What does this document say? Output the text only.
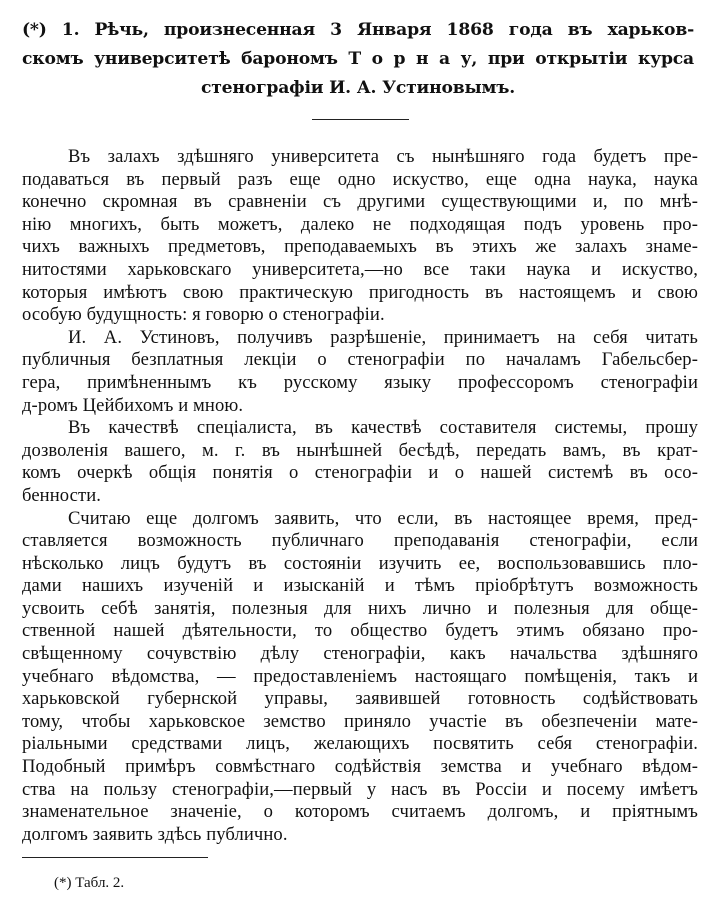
(*) 1. Рѣчь, произнесенная 3 Января 1868 года въ харьков-
скомъ университетѣ барономъ Т о р н а у, при открытіи курса
стенографіи И. А. Устиновымъ.

Въ залахъ здѣшняго университета съ нынѣшняго года будетъ пре-
подаваться въ первый разъ еще одно искуство, еще одна наука, наука
конечно скромная въ сравненіи съ другими существующими и, по мнѣ-
нію многихъ, быть можетъ, далеко не подходящая подъ уровень про-
чихъ важныхъ предметовъ, преподаваемыхъ въ этихъ же залахъ знаме-
нитостями харьковскаго университета,—но все таки наука и искуство,
которыя имѣютъ свою практическую пригодность въ настоящемъ и свою
особую будущность: я говорю о стенографіи.

И. А. Устиновъ, получивъ разрѣшеніе, принимаетъ на себя читать
публичныя безплатныя лекціи о стенографіи по началамъ Габельсбер-
гера, примѣненнымъ къ русскому языку профессоромъ стенографіи
д-ромъ Цейбихомъ и мною.

Въ качествѣ спеціалиста, въ качествѣ составителя системы, прошу
дозволенія вашего, м. г. въ нынѣшней бесѣдѣ, передать вамъ, въ крат-
комъ очеркѣ общія понятія о стенографіи и о нашей системѣ въ осо-
бенности.

Считаю еще долгомъ заявить, что если, въ настоящее время, пред-
ставляется возможность публичнаго преподаванія стенографіи, если
нѣсколько лицъ будутъ въ состояніи изучить ее, воспользовавшись пло-
дами нашихъ изученій и изысканій и тѣмъ пріобрѣтутъ возможность
усвоить себѣ занятія, полезныя для нихъ лично и полезныя для обще-
ственной нашей дѣятельности, то общество будетъ этимъ обязано про-
свѣщенному сочувствію дѣлу стенографіи, какъ начальства здѣшняго
учебнаго вѣдомства, — предоставленіемъ настоящаго помѣщенія, такъ и
харьковской губернской управы, заявившей готовность содѣйствовать
тому, чтобы харьковское земство приняло участіе въ обезпеченіи мате-
ріальными средствами лицъ, желающихъ посвятить себя стенографіи.
Подобный примѣръ совмѣстнаго содѣйствія земства и учебнаго вѣдом-
ства на пользу стенографіи,—первый у насъ въ Россіи и посему имѣетъ
знаменательное значеніе, о которомъ считаемъ долгомъ, и пріятнымъ
долгомъ заявить здѣсь публично.

(*) Табл. 2.
